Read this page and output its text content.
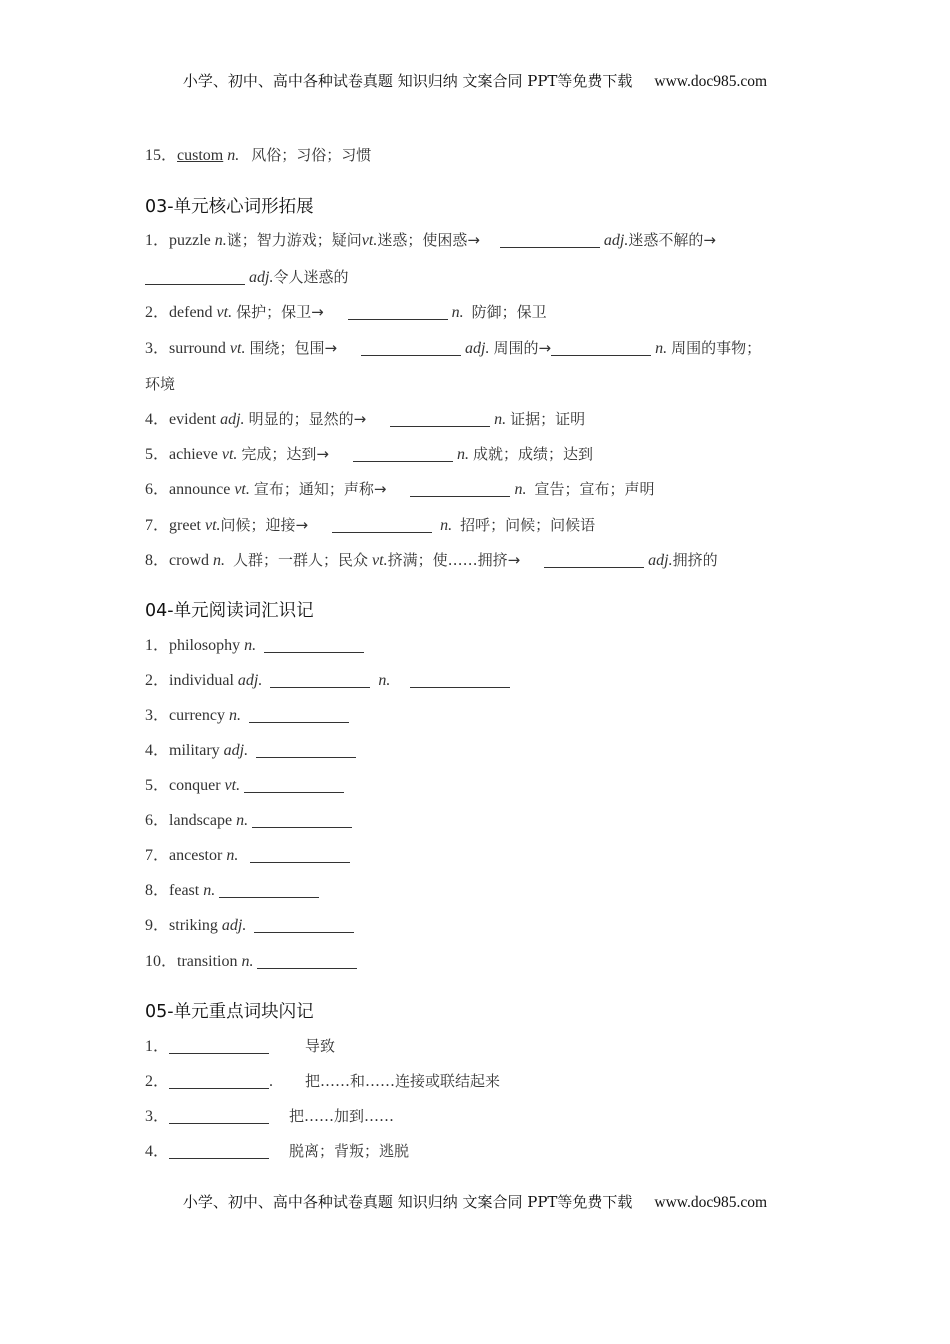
小学、初中、高中各种试卷真题 知识归纳 文案合同 PPT等免费下载 www.doc985.com
15．custom n. 风俗；习俗；习惯
03-单元核心词形拓展
1．puzzle n.谜；智力游戏；疑问vt.迷惑；使困惑→	adj.迷惑不解的→
adj.令人迷惑的
2．defend vt. 保护；保卫→	n. 防御；保卫
3．surround vt. 围绕；包围→	adj. 周围的→	n. 周围的事物；
环境
4．evident adj. 明显的；显然的→	n. 证据；证明
5．achieve vt. 完成；达到→	n. 成就；成绩；达到
6．announce vt. 宣布；通知；声称→	n. 宣告；宣布；声明
7．greet vt.问候；迎接→	n. 招呼；问候；问候语
8．crowd n. 人群；一群人；民众 vt.挤满；使……拥挤→	adj.拥挤的
04-单元阅读词汇识记
1．philosophy n.
2．individual adj.	n.
3．currency n.
4．military adj.
5．conquer vt.
6．landscape n.
7．ancestor n.
8．feast n.
9．striking adj.
10．transition n.
05-单元重点词块闪记
1．	导致
2．	. 把……和……连接或联结起来
3．	把……加到……
4．	脱离；背叛；逃脱
小学、初中、高中各种试卷真题 知识归纳 文案合同 PPT等免费下载 www.doc985.com
